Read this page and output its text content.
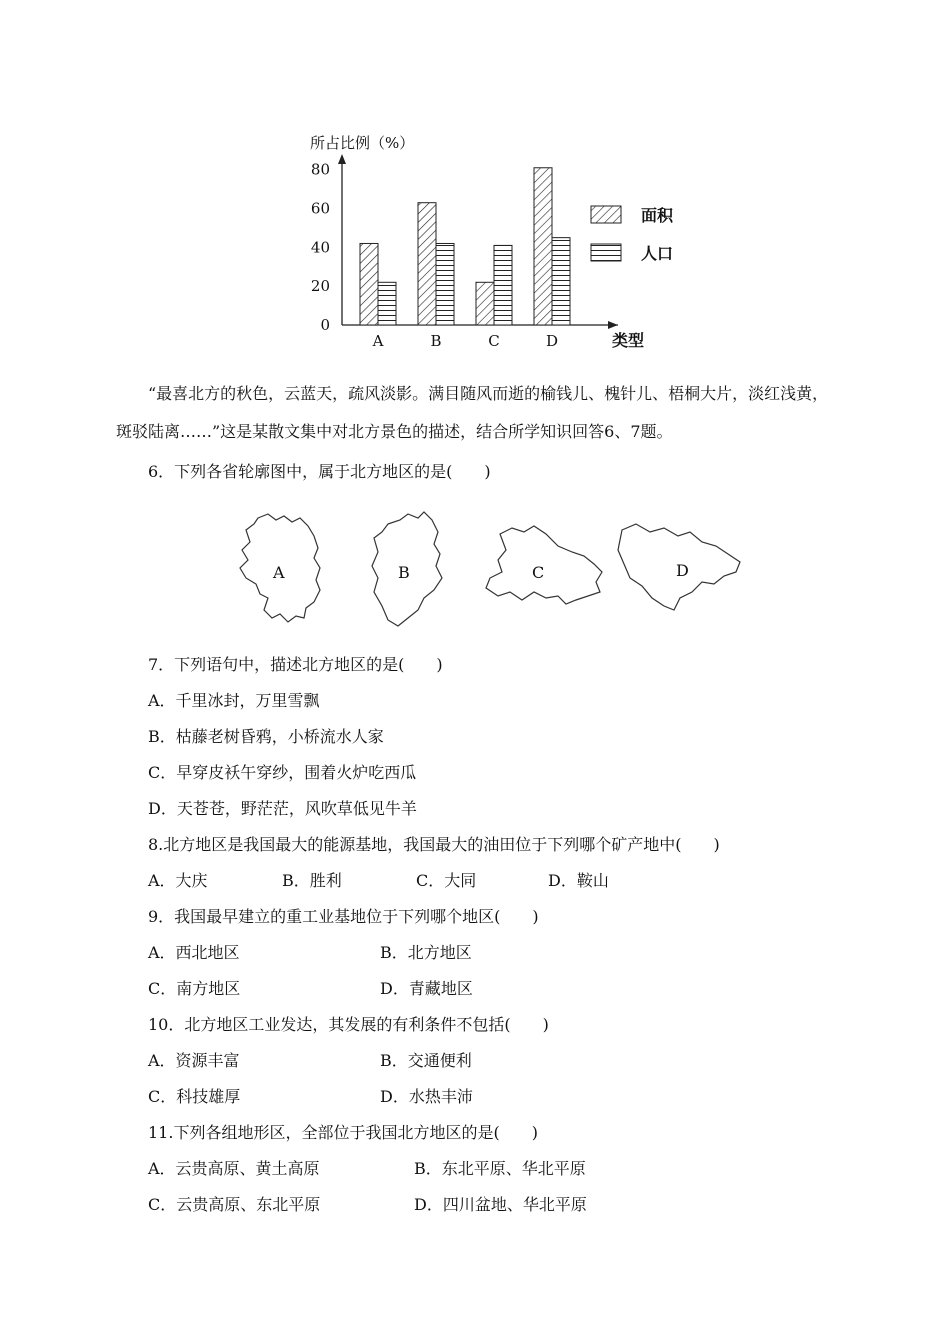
所占比例（%）
0
20
40
60
80
A	B	C	D	类型
面积
人口
“最喜北方的秋色，云蓝天，疏风淡影。满目随风而逝的榆钱儿、槐针儿、梧桐大片，淡红浅黄，斑驳陆离……”这是某散文集中对北方景色的描述，结合所学知识回答6、7题。
6．下列各省轮廓图中，属于北方地区的是(　　)
A	B	C	D
7．下列语句中，描述北方地区的是(　　)
A．千里冰封，万里雪飘
B．枯藤老树昏鸦，小桥流水人家
C．早穿皮袄午穿纱，围着火炉吃西瓜
D．天苍苍，野茫茫，风吹草低见牛羊
8.北方地区是我国最大的能源基地，我国最大的油田位于下列哪个矿产地中(　　)
A．大庆	B．胜利	C．大同	D．鞍山
9．我国最早建立的重工业基地位于下列哪个地区(　　)
A．西北地区	B．北方地区
C．南方地区	D．青藏地区
10．北方地区工业发达，其发展的有利条件不包括(　　)
A．资源丰富	B．交通便利
C．科技雄厚	D．水热丰沛
11.下列各组地形区，全部位于我国北方地区的是(　　)
A．云贵高原、黄土高原	B．东北平原、华北平原
C．云贵高原、东北平原	D．四川盆地、华北平原
